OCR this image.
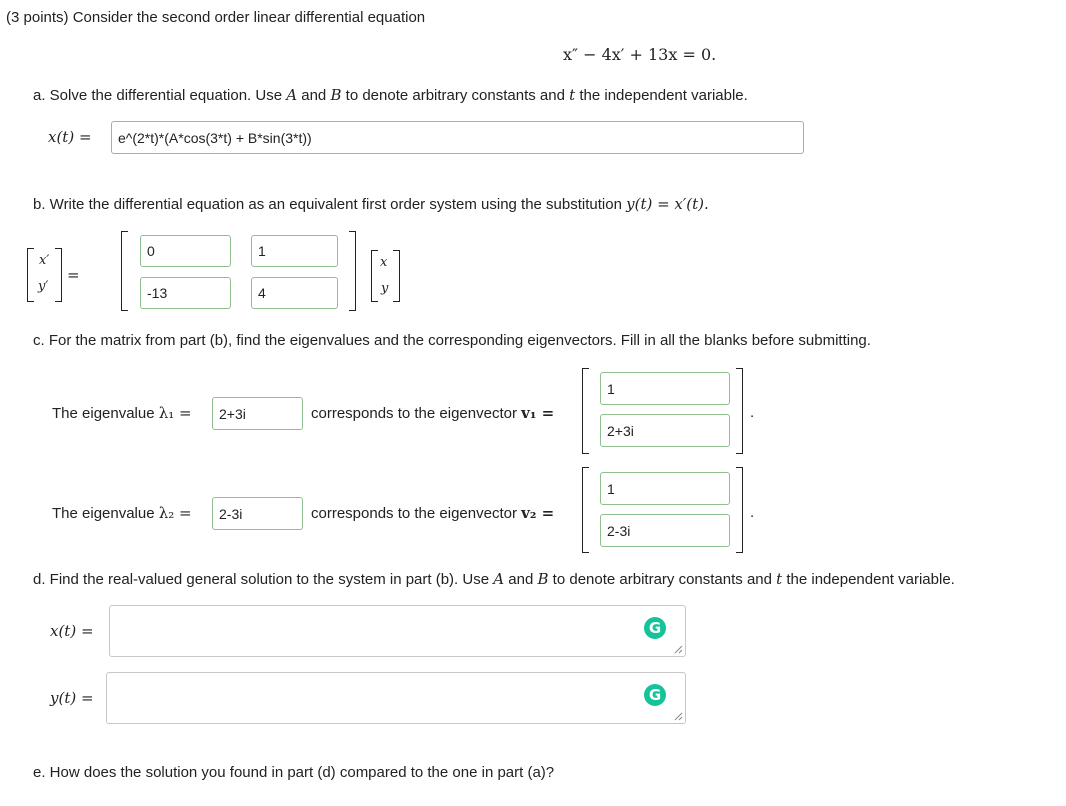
(3 points) Consider the second order linear differential equation
x″ − 4x′ + 13x = 0.
a. Solve the differential equation. Use A and B to denote arbitrary constants and t the independent variable.
x(t) =	e^(2*t)*(A*cos(3*t) + B*sin(3*t))
b. Write the differential equation as an equivalent first order system using the substitution y(t) = x′(t).
x′
y′
=
0	1
-13	4
x
y
c. For the matrix from part (b), find the eigenvalues and the corresponding eigenvectors. Fill in all the blanks before submitting.
The eigenvalue λ₁ =	2+3i	corresponds to the eigenvector v₁ =
1
2+3i
.
The eigenvalue λ₂ =	2-3i	corresponds to the eigenvector v₂ =
1
2-3i
.
d. Find the real-valued general solution to the system in part (b). Use A and B to denote arbitrary constants and t the independent variable.
x(t) =	G
y(t) =	G
e. How does the solution you found in part (d) compared to the one in part (a)?
